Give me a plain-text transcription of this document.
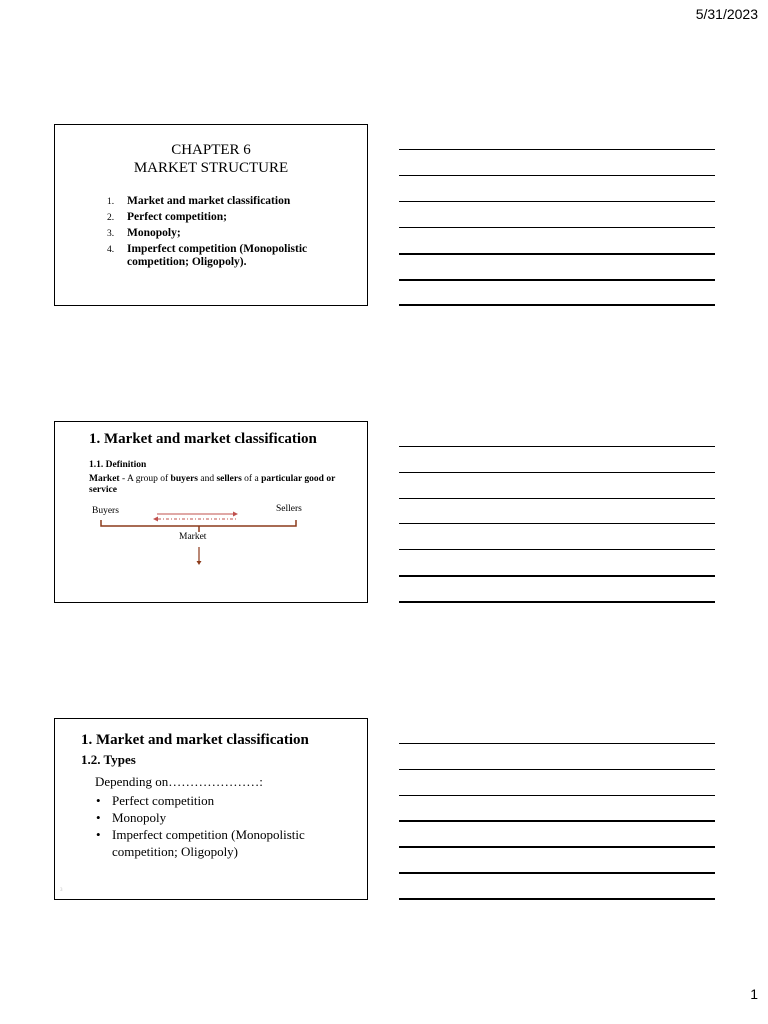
5/31/2023
CHAPTER 6
MARKET STRUCTURE
1. Market and market classification
2. Perfect competition;
3. Monopoly;
4. Imperfect competition (Monopolistic competition; Oligopoly).
1. Market and market classification
1.1. Definition
Market - A group of buyers and sellers of a particular good or service
Buyers	Sellers
Market
1. Market and market classification
1.2. Types
Depending on…………………:
• Perfect competition
• Monopoly
• Imperfect competition (Monopolistic competition; Oligopoly)
3
1
